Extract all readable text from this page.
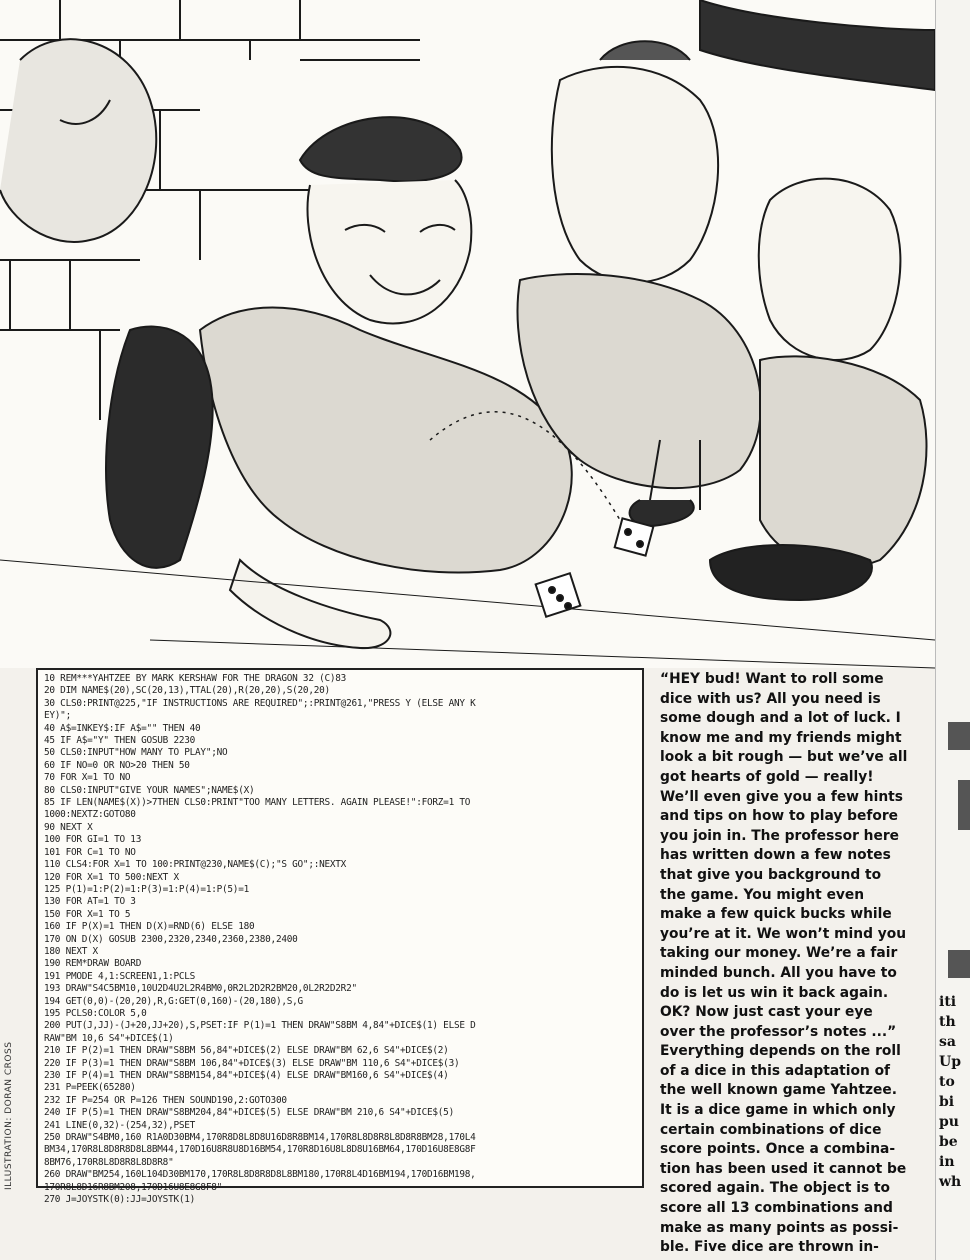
ILLUSTRATION: DORAN CROSS
10 REM***YAHTZEE BY MARK KERSHAW FOR THE DRAGON 32 (C)83
20 DIM NAME$(20),SC(20,13),TTAL(20),R(20,20),S(20,20)
30 CLS0:PRINT@225,"IF INSTRUCTIONS ARE REQUIRED";:PRINT@261,"PRESS Y (ELSE ANY K
EY)";
40 A$=INKEY$:IF A$="" THEN 40
45 IF A$="Y" THEN GOSUB 2230
50 CLS0:INPUT"HOW MANY TO PLAY";NO
60 IF NO=0 OR NO>20 THEN 50
70 FOR X=1 TO NO
80 CLS0:INPUT"GIVE YOUR NAMES";NAME$(X)
85 IF LEN(NAME$(X))>7THEN CLS0:PRINT"TOO MANY LETTERS. AGAIN PLEASE!":FORZ=1 TO
1000:NEXTZ:GOTO80
90 NEXT X
100 FOR GI=1 TO 13
101 FOR C=1 TO NO
110 CLS4:FOR X=1 TO 100:PRINT@230,NAME$(C);"S GO";:NEXTX
120 FOR X=1 TO 500:NEXT X
125 P(1)=1:P(2)=1:P(3)=1:P(4)=1:P(5)=1
130 FOR AT=1 TO 3
150 FOR X=1 TO 5
160 IF P(X)=1 THEN D(X)=RND(6) ELSE 180
170 ON D(X) GOSUB 2300,2320,2340,2360,2380,2400
180 NEXT X
190 REM*DRAW BOARD
191 PMODE 4,1:SCREEN1,1:PCLS
193 DRAW"S4C5BM10,10U2D4U2L2R4BM0,0R2L2D2R2BM20,0L2R2D2R2"
194 GET(0,0)-(20,20),R,G:GET(0,160)-(20,180),S,G
195 PCLS0:COLOR 5,0
200 PUT(J,JJ)-(J+20,JJ+20),S,PSET:IF P(1)=1 THEN DRAW"S8BM 4,84"+DICE$(1) ELSE D
RAW"BM 10,6 S4"+DICE$(1)
210 IF P(2)=1 THEN DRAW"S8BM 56,84"+DICE$(2) ELSE DRAW"BM 62,6 S4"+DICE$(2)
220 IF P(3)=1 THEN DRAW"S8BM 106,84"+DICE$(3) ELSE DRAW"BM 110,6 S4"+DICE$(3)
230 IF P(4)=1 THEN DRAW"S8BM154,84"+DICE$(4) ELSE DRAW"BM160,6 S4"+DICE$(4)
231 P=PEEK(65280)
232 IF P=254 OR P=126 THEN SOUND190,2:GOTO300
240 IF P(5)=1 THEN DRAW"S8BM204,84"+DICE$(5) ELSE DRAW"BM 210,6 S4"+DICE$(5)
241 LINE(0,32)-(254,32),PSET
250 DRAW"S4BM0,160 R1A0D30BM4,170R8D8L8D8U16D8R8BM14,170R8L8D8R8L8D8R8BM28,170L4
BM34,170R8L8D8R8D8L8BM44,170D16U8R8U8D16BM54,170R8D16U8L8D8U16BM64,170D16U8E8G8F
8BM76,170R8L8D8R8L8D8R8"
260 DRAW"BM254,160L104D30BM170,170R8L8D8R8D8L8BM180,170R8L4D16BM194,170D16BM198,
170R8L8D16R8BM208,170D16U8E8G8F8"
270 J=JOYSTK(0):JJ=JOYSTK(1)

“HEY bud! Want to roll some

dice with us? All you need is

some dough and a lot of luck. I

know me and my friends might

look a bit rough — but we’ve all

got hearts of gold — really!

We’ll even give you a few hints

and tips on how to play before

you join in. The professor here

has written down a few notes

that give you background to

the game. You might even

make a few quick bucks while

you’re at it. We won’t mind you

taking our money. We’re a fair

minded bunch. All you have to

do is let us win it back again.

OK? Now just cast your eye

over the professor’s notes ...”

Everything depends on the roll

of a dice in this adaptation of

the well known game Yahtzee.

It is a dice game in which only

certain combinations of dice

score points. Once a combina-

tion has been used it cannot be

scored again. The object is to

score all 13 combinations and

make as many points as possi-

ble. Five dice are thrown in-

iti
th
sa
Up
to
bi
pu
be
in
wh
